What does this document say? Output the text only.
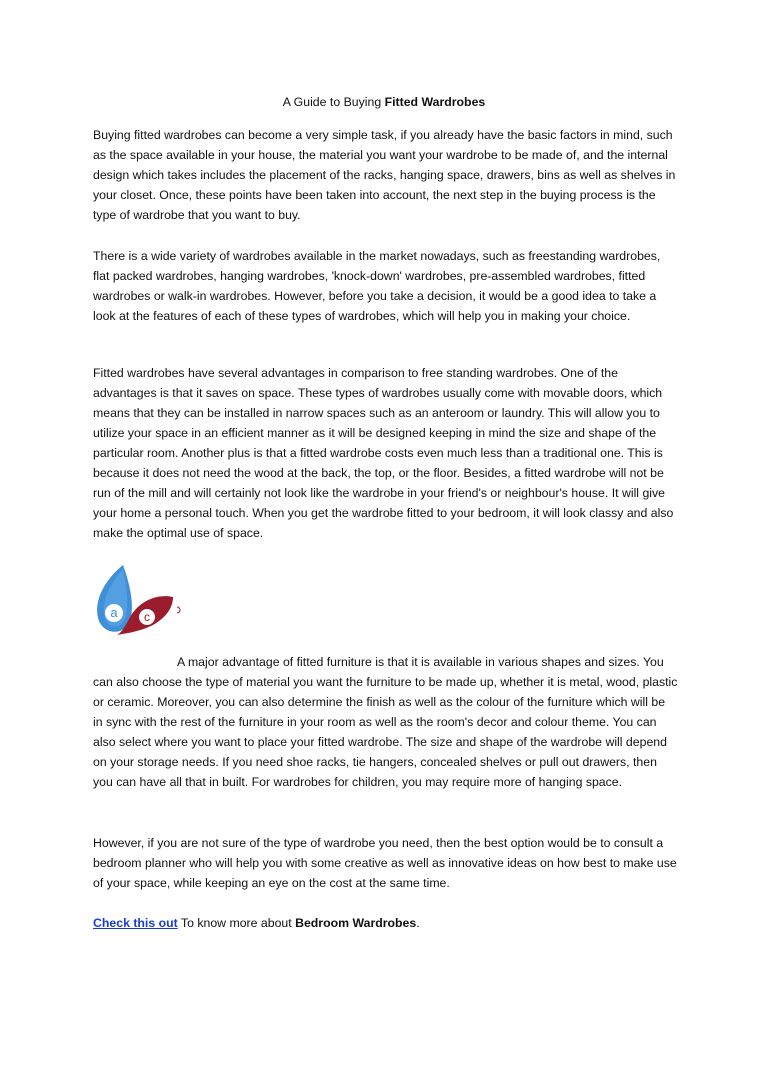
A Guide to Buying Fitted Wardrobes

Buying fitted wardrobes can become a very simple task, if you already have the basic factors in mind, such as the space available in your house, the material you want your wardrobe to be made of, and the internal design which takes includes the placement of the racks, hanging space, drawers, bins as well as shelves in your closet. Once, these points have been taken into account, the next step in the buying process is the type of wardrobe that you want to buy.

There is a wide variety of wardrobes available in the market nowadays, such as freestanding wardrobes, flat packed wardrobes, hanging wardrobes, 'knock-down' wardrobes, pre-assembled wardrobes, fitted wardrobes or walk-in wardrobes. However, before you take a decision, it would be a good idea to take a look at the features of each of these types of wardrobes, which will help you in making your choice.

Fitted wardrobes have several advantages in comparison to free standing wardrobes. One of the advantages is that it saves on space. These types of wardrobes usually come with movable doors, which means that they can be installed in narrow spaces such as an anteroom or laundry. This will allow you to utilize your space in an efficient manner as it will be designed keeping in mind the size and shape of the particular room. Another plus is that a fitted wardrobe costs even much less than a traditional one. This is because it does not need the wood at the back, the top, or the floor. Besides, a fitted wardrobe will not be run of the mill and will certainly not look like the wardrobe in your friend's or neighbour's house. It will give your home a personal touch. When you get the wardrobe fitted to your bedroom, it will look classy and also make the optimal use of space.

a c

A major advantage of fitted furniture is that it is available in various shapes and sizes. You can also choose the type of material you want the furniture to be made up, whether it is metal, wood, plastic or ceramic. Moreover, you can also determine the finish as well as the colour of the furniture which will be in sync with the rest of the furniture in your room as well as the room's decor and colour theme. You can also select where you want to place your fitted wardrobe. The size and shape of the wardrobe will depend on your storage needs. If you need shoe racks, tie hangers, concealed shelves or pull out drawers, then you can have all that in built. For wardrobes for children, you may require more of hanging space.

However, if you are not sure of the type of wardrobe you need, then the best option would be to consult a bedroom planner who will help you with some creative as well as innovative ideas on how best to make use of your space, while keeping an eye on the cost at the same time.

Check this out To know more about Bedroom Wardrobes.
